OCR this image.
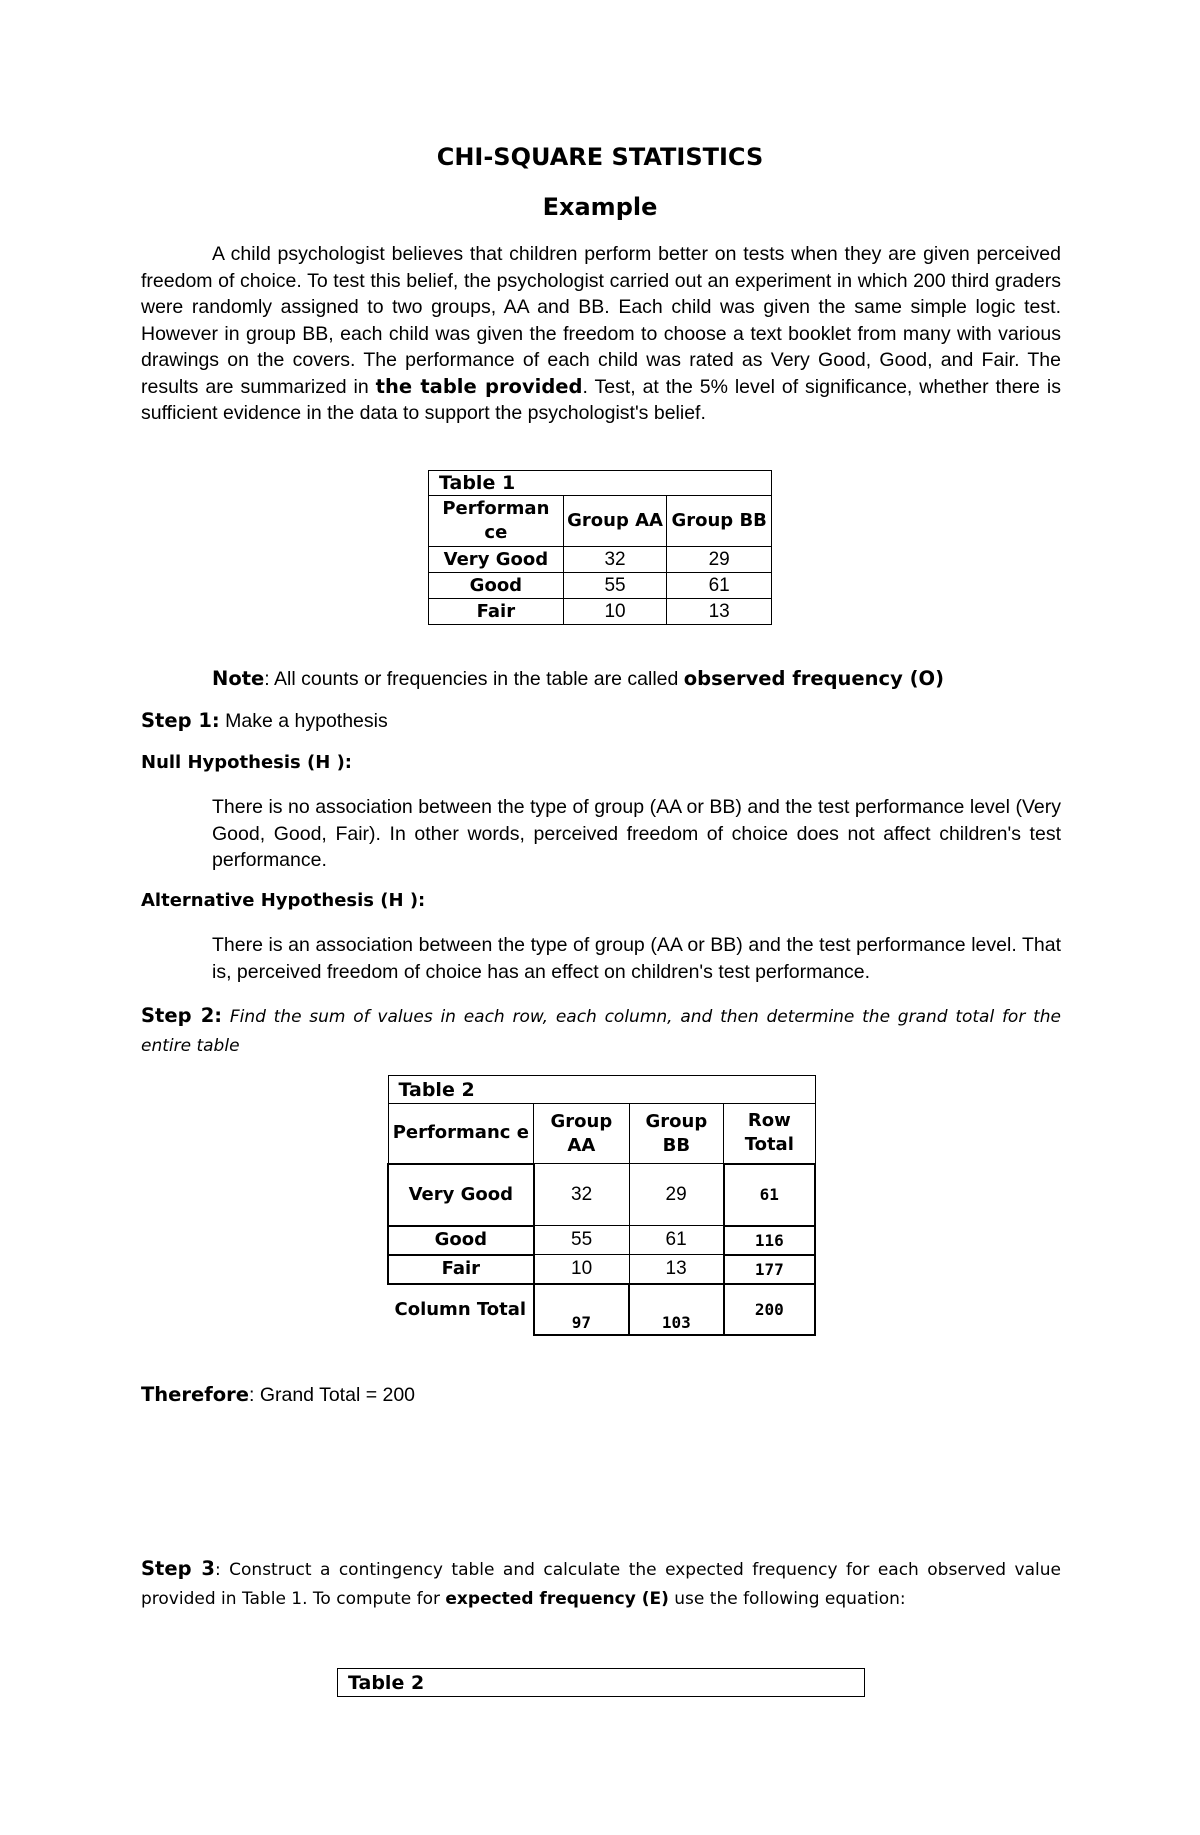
CHI-SQUARE STATISTICS
Example
A child psychologist believes that children perform better on tests when they are given perceived freedom of choice. To test this belief, the psychologist carried out an experiment in which 200 third graders were randomly assigned to two groups, AA and BB. Each child was given the same simple logic test. However in group BB, each child was given the freedom to choose a text booklet from many with various drawings on the covers. The performance of each child was rated as Very Good, Good, and Fair. The results are summarized in the table provided. Test, at the 5% level of significance, whether there is sufficient evidence in the data to support the psychologist's belief.
Table 1		
Performan ce	Group AA	Group BB
Very Good	32	29
Good	55	61
Fair	10	13
Note: All counts or frequencies in the table are called observed frequency (O)
Step 1: Make a hypothesis
Null Hypothesis (H ):
There is no association between the type of group (AA or BB) and the test performance level (Very Good, Good, Fair). In other words, perceived freedom of choice does not affect children's test performance.
Alternative Hypothesis (H ):
There is an association between the type of group (AA or BB) and the test performance level. That is, perceived freedom of choice has an effect on children's test performance.
Step 2: Find the sum of values in each row, each column, and then determine the grand total for the entire table
Table 2			
Performanc e	Group AA	Group BB	Row Total
Very Good	32	29	61
Good	55	61	116
Fair	10	13	177
Column Total	97	103	200
Therefore: Grand Total = 200
Step 3: Construct a contingency table and calculate the expected frequency for each observed value provided in Table 1. To compute for expected frequency (E) use the following equation:
Table 2
